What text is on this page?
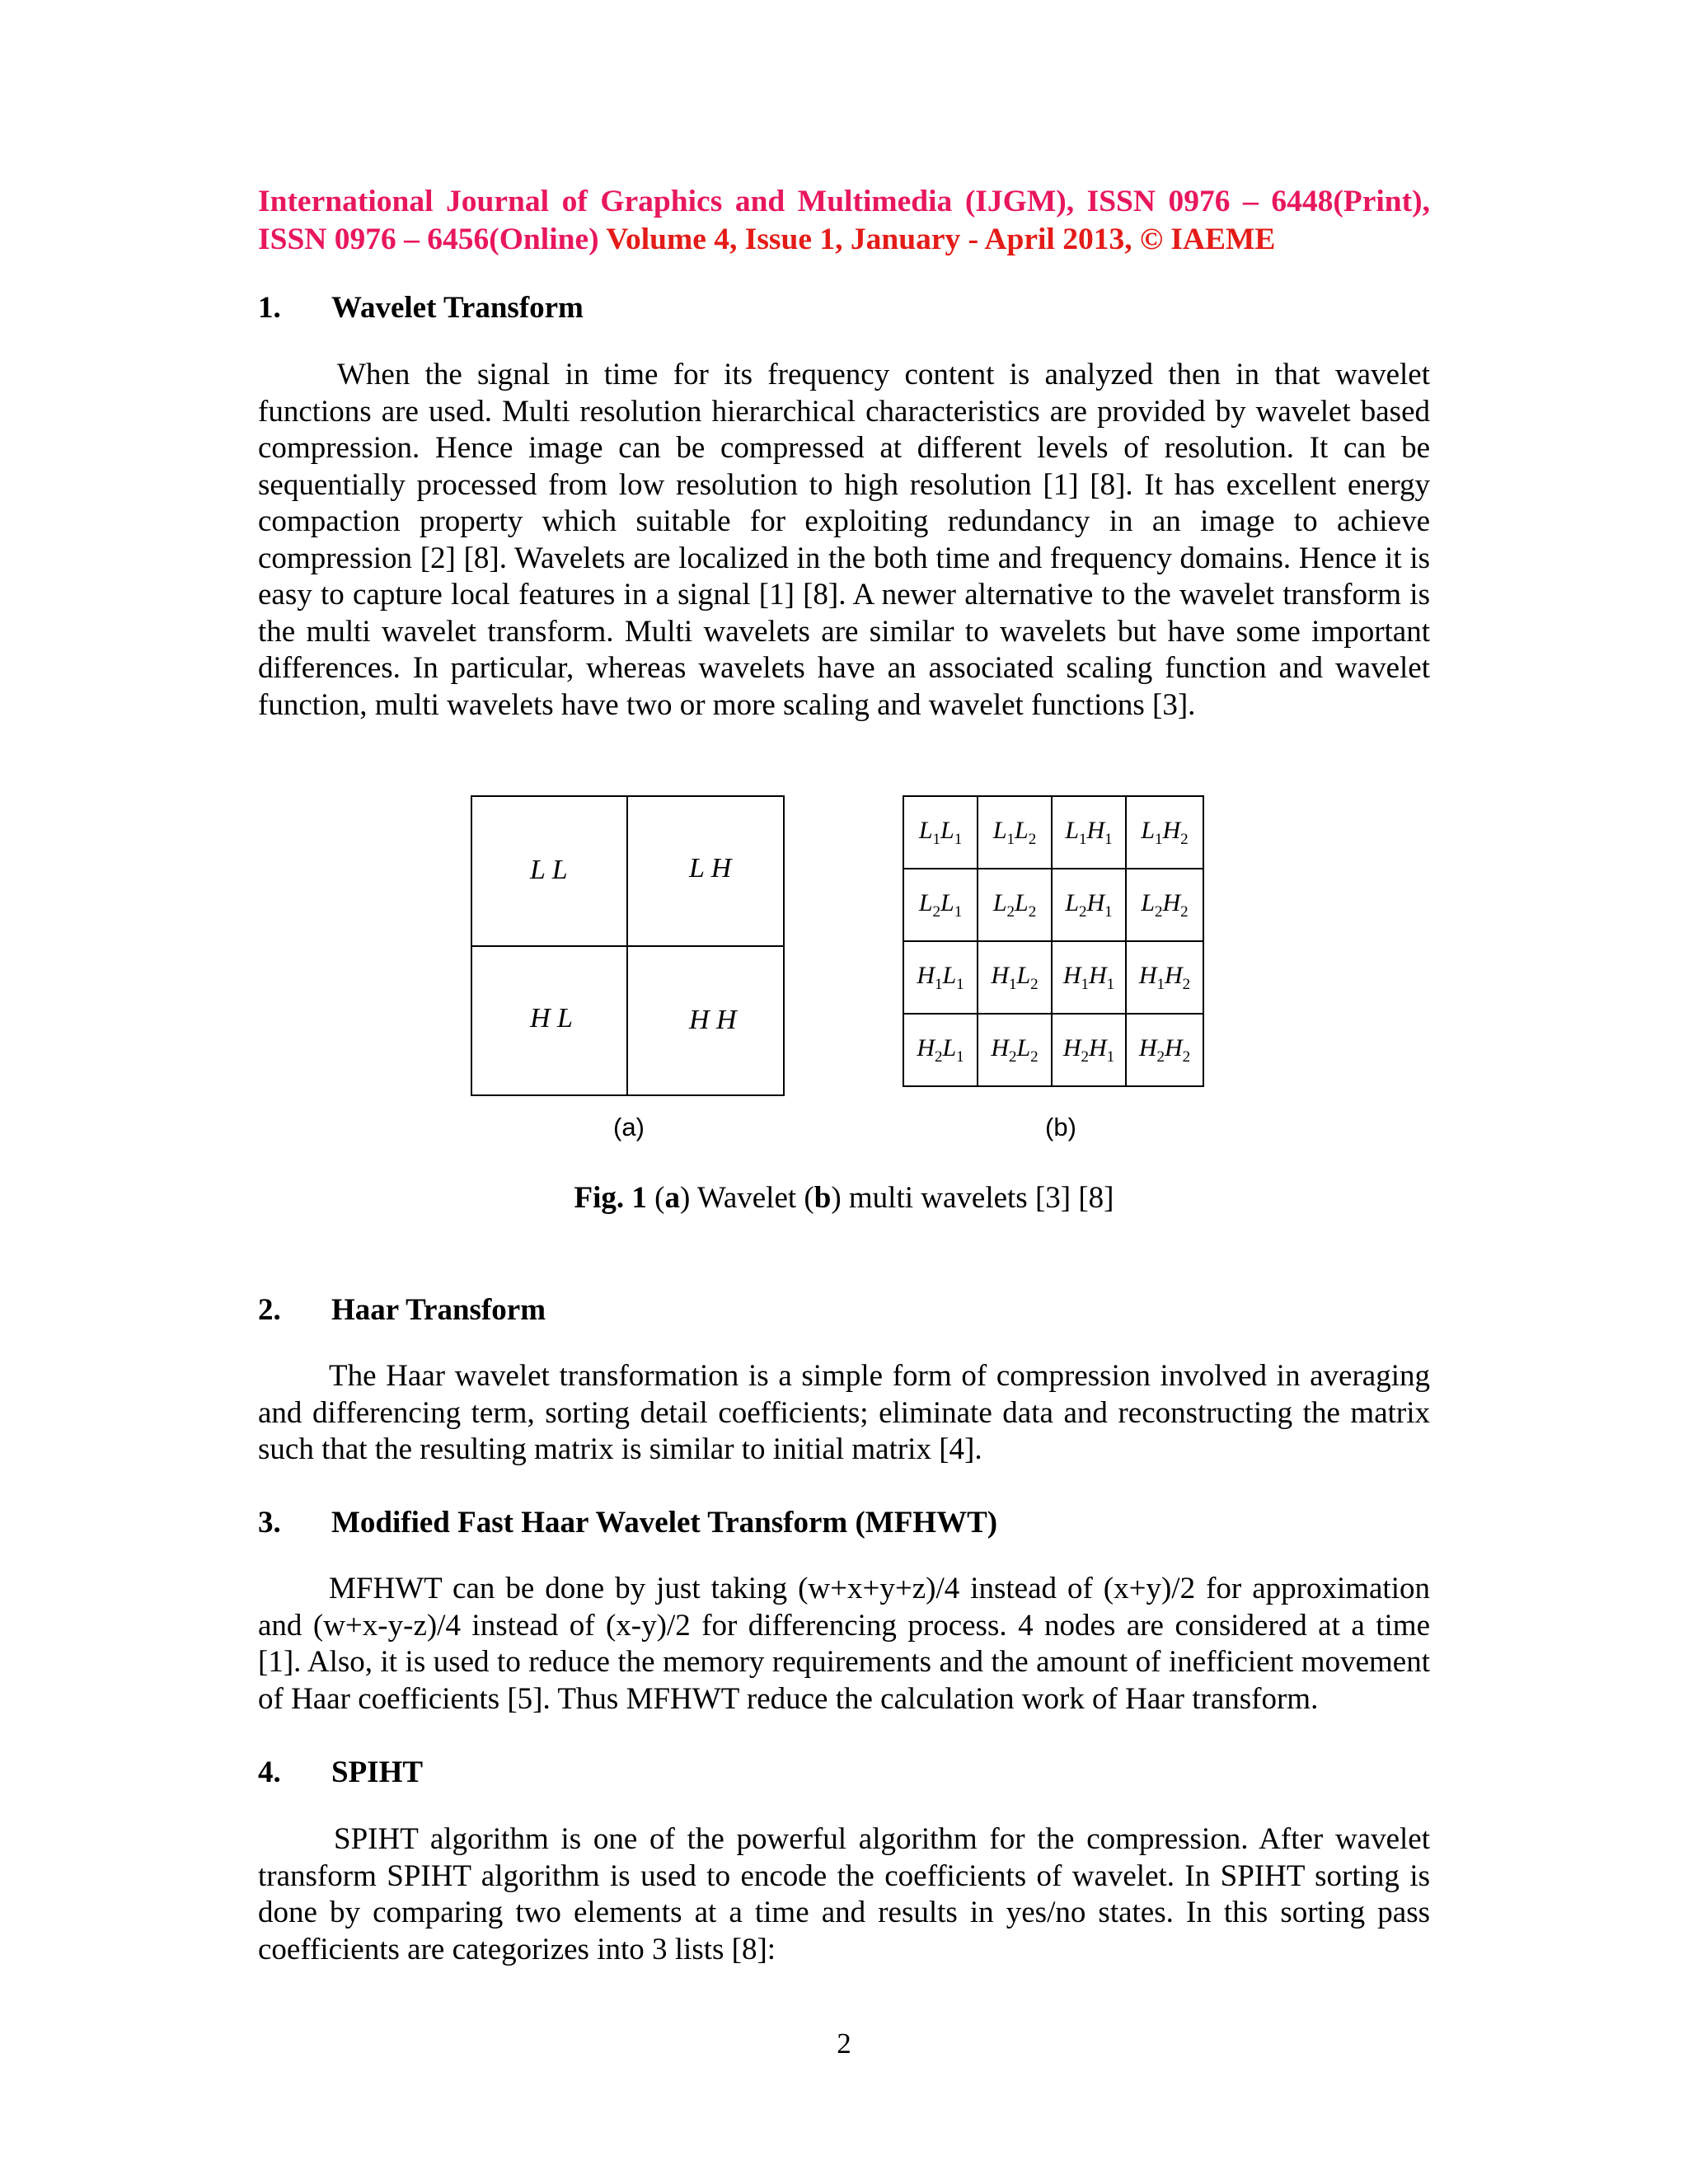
International Journal of Graphics and Multimedia (IJGM), ISSN 0976 – 6448(Print),
ISSN 0976 – 6456(Online) Volume 4, Issue 1, January - April 2013, © IAEME
1. Wavelet Transform
When the signal in time for its frequency content is analyzed then in that wavelet
functions are used. Multi resolution hierarchical characteristics are provided by wavelet based
compression. Hence image can be compressed at different levels of resolution. It can be
sequentially processed from low resolution to high resolution [1] [8]. It has excellent energy
compaction property which suitable for exploiting redundancy in an image to achieve
compression [2] [8]. Wavelets are localized in the both time and frequency domains. Hence it is
easy to capture local features in a signal [1] [8]. A newer alternative to the wavelet transform is
the multi wavelet transform. Multi wavelets are similar to wavelets but have some important
differences. In particular, whereas wavelets have an associated scaling function and wavelet
function, multi wavelets have two or more scaling and wavelet functions [3].
L L	L H
H L	H H
(a)
$L_1L_1$	$L_1L_2$	$L_1H_1$	$L_1H_2$
$L_2L_1$	$L_2L_2$	$L_2H_1$	$L_2H_2$
$H_1L_1$	$H_1L_2$	$H_1H_1$	$H_1H_2$
$H_2L_1$	$H_2L_2$	$H_2H_1$	$H_2H_2$
(b)
Fig. 1 (a) Wavelet (b) multi wavelets [3] [8]
2. Haar Transform
The Haar wavelet transformation is a simple form of compression involved in averaging
and differencing term, sorting detail coefficients; eliminate data and reconstructing the matrix
such that the resulting matrix is similar to initial matrix [4].
3. Modified Fast Haar Wavelet Transform (MFHWT)
MFHWT can be done by just taking (w+x+y+z)/4 instead of (x+y)/2 for approximation
and (w+x-y-z)/4 instead of (x-y)/2 for differencing process. 4 nodes are considered at a time
[1]. Also, it is used to reduce the memory requirements and the amount of inefficient movement
of Haar coefficients [5]. Thus MFHWT reduce the calculation work of Haar transform.
4. SPIHT
SPIHT algorithm is one of the powerful algorithm for the compression. After wavelet
transform SPIHT algorithm is used to encode the coefficients of wavelet. In SPIHT sorting is
done by comparing two elements at a time and results in yes/no states. In this sorting pass
coefficients are categorizes into 3 lists [8]:
2
